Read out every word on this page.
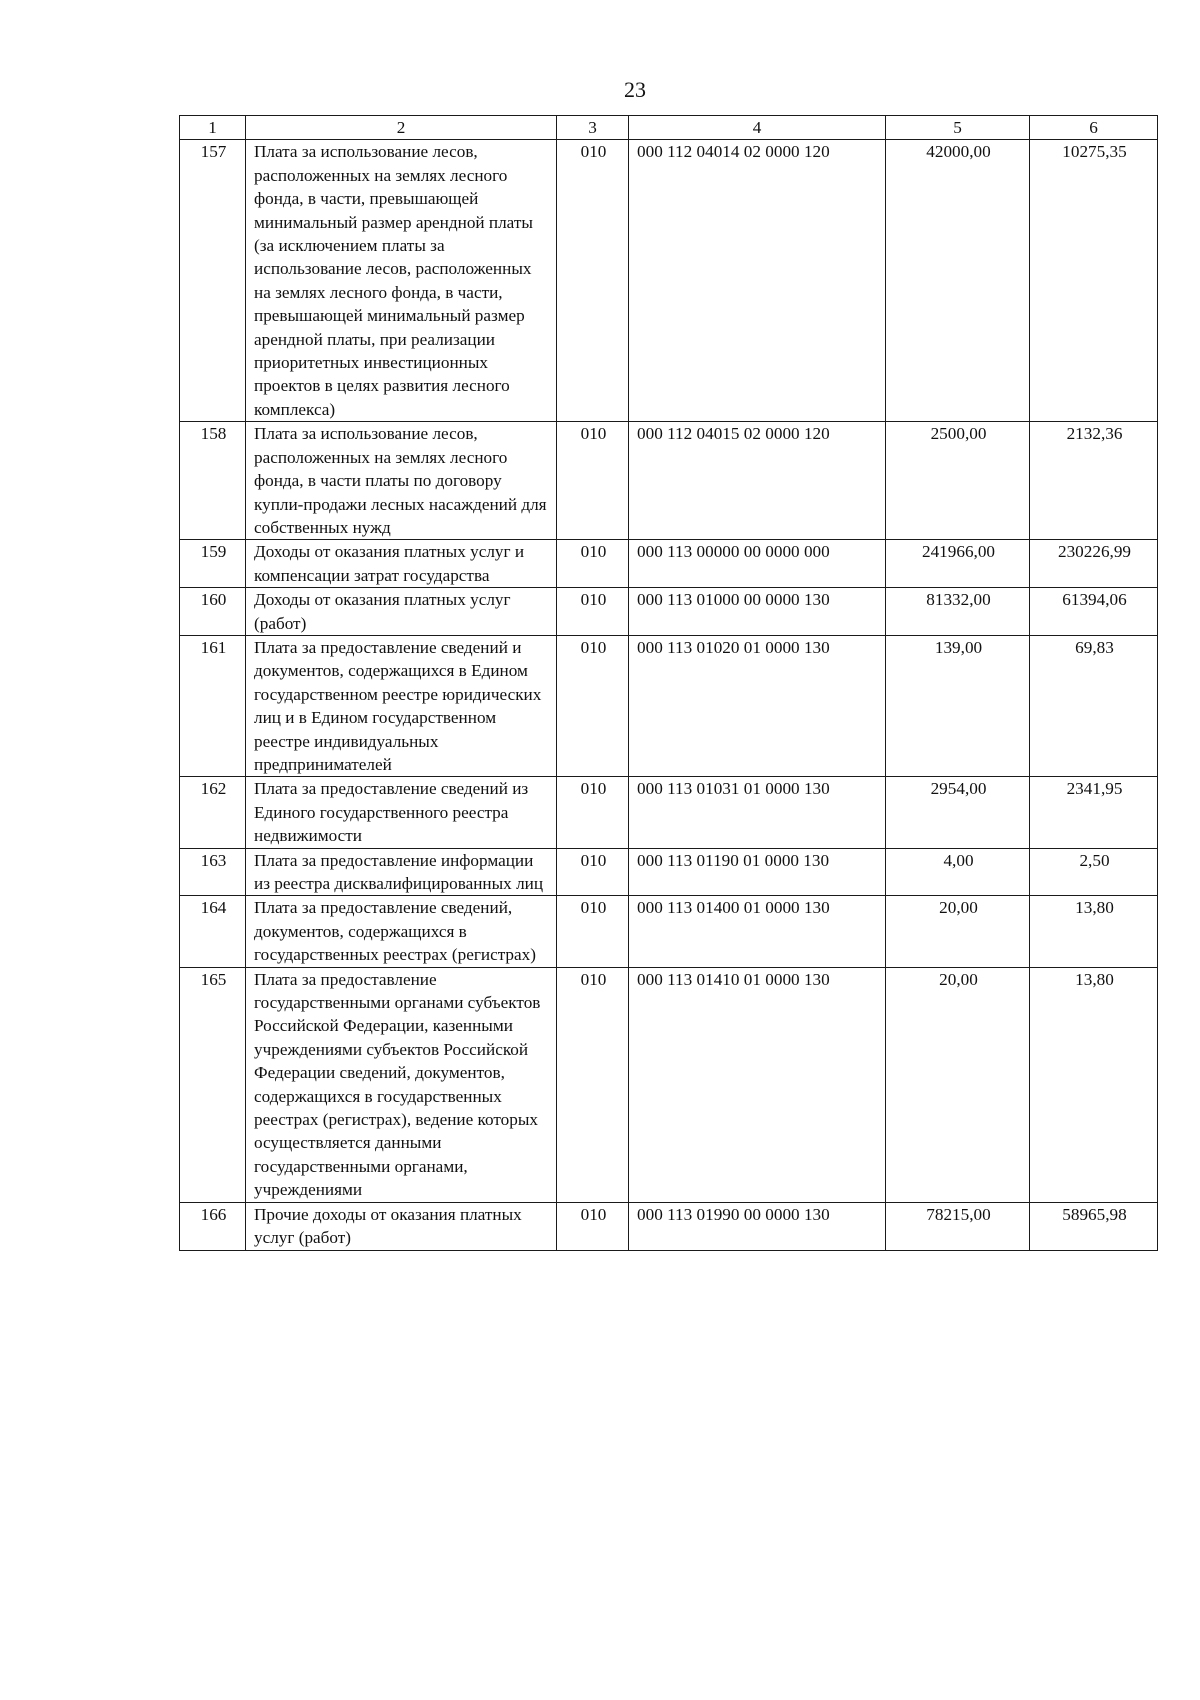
23
1	2	3	4	5	6
157	Плата за использование лесов, расположенных на землях лесного фонда, в части, превышающей минимальный размер арендной платы (за исключением платы за использование лесов, расположенных на землях лесного фонда, в части, превышающей минимальный размер арендной платы, при реализации приоритетных инвестиционных проектов в целях развития лесного комплекса)	010	000 112 04014 02 0000 120	42000,00	10275,35
158	Плата за использование лесов, расположенных на землях лесного фонда, в части платы по договору купли-продажи лесных насаждений для собственных нужд	010	000 112 04015 02 0000 120	2500,00	2132,36
159	Доходы от оказания платных услуг и компенсации затрат государства	010	000 113 00000 00 0000 000	241966,00	230226,99
160	Доходы от оказания платных услуг (работ)	010	000 113 01000 00 0000 130	81332,00	61394,06
161	Плата за предоставление сведений и документов, содержащихся в Едином государственном реестре юридических лиц и в Едином государственном реестре индивидуальных предпринимателей	010	000 113 01020 01 0000 130	139,00	69,83
162	Плата за предоставление сведений из Единого государственного реестра недвижимости	010	000 113 01031 01 0000 130	2954,00	2341,95
163	Плата за предоставление информации из реестра дисквалифицированных лиц	010	000 113 01190 01 0000 130	4,00	2,50
164	Плата за предоставление сведений, документов, содержащихся в государственных реестрах (регистрах)	010	000 113 01400 01 0000 130	20,00	13,80
165	Плата за предоставление государственными органами субъектов Российской Федерации, казенными учреждениями субъектов Российской Федерации сведений, документов, содержащихся в государственных реестрах (регистрах), ведение которых осуществляется данными государственными органами, учреждениями	010	000 113 01410 01 0000 130	20,00	13,80
166	Прочие доходы от оказания платных услуг (работ)	010	000 113 01990 00 0000 130	78215,00	58965,98
